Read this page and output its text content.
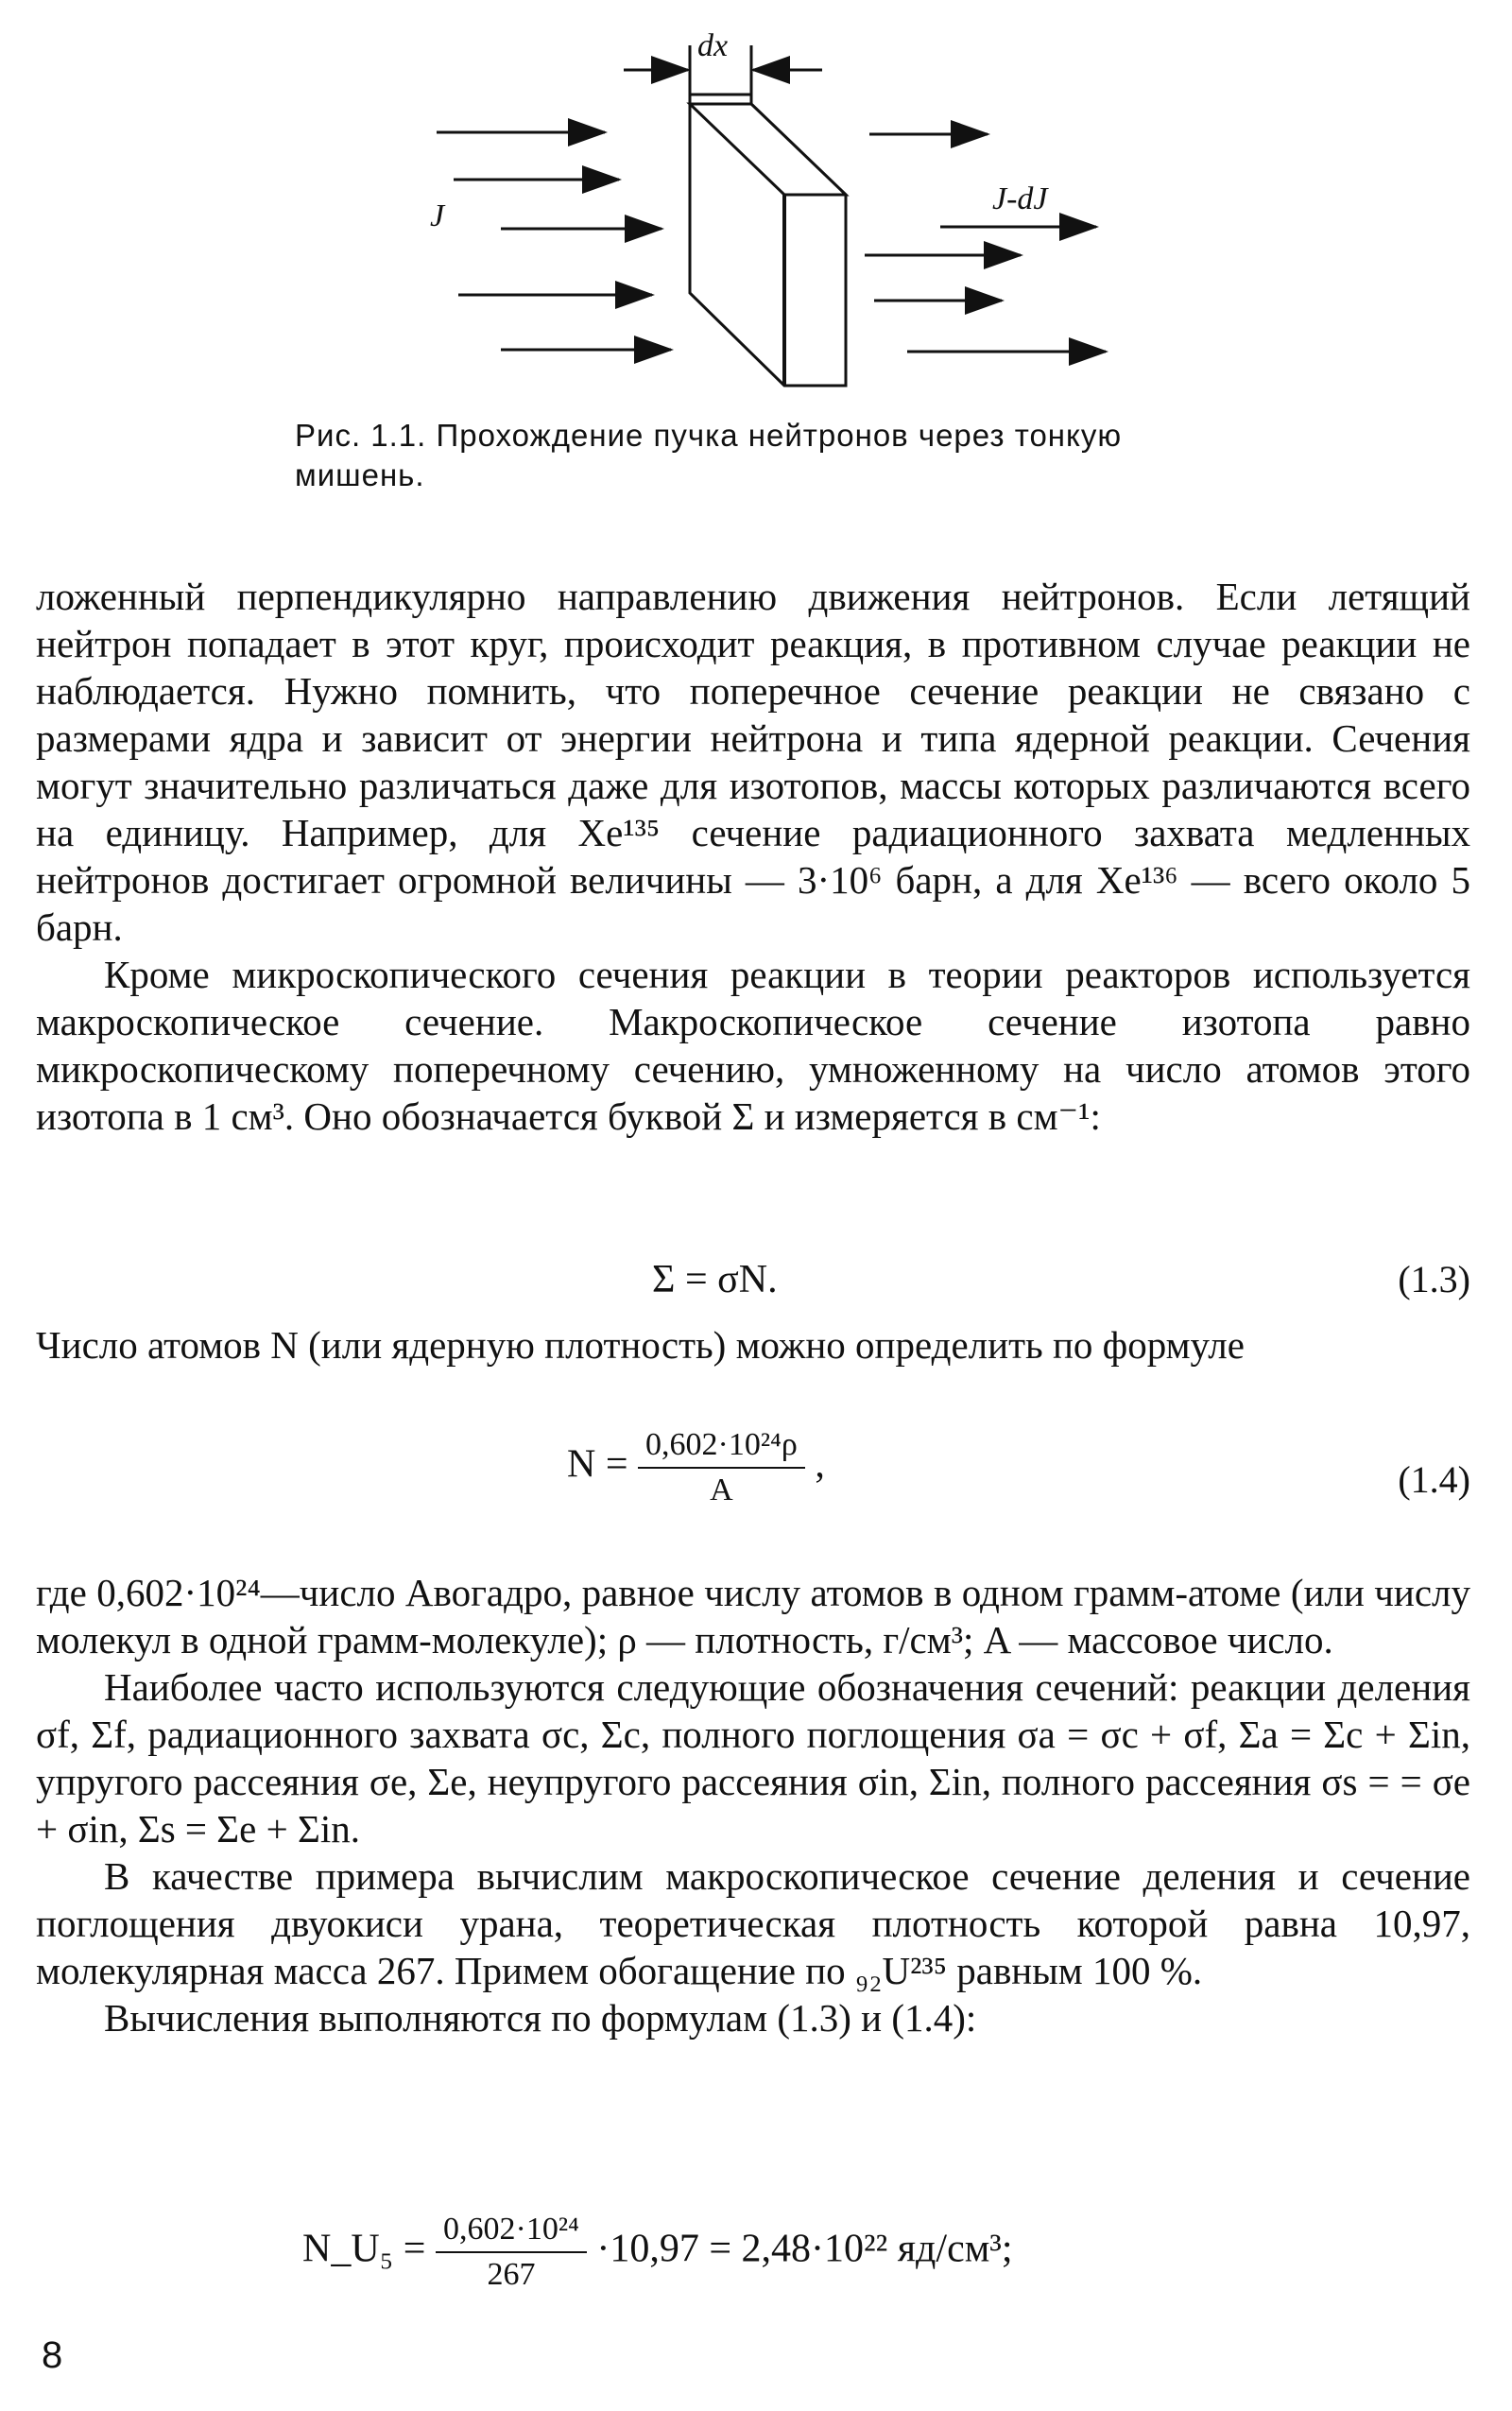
dx
J	J-dJ
Рис. 1.1. Прохождение пучка нейтронов через тонкую мишень.

ложенный перпендикулярно направлению движения нейтронов. Если летящий нейтрон попадает в этот круг, происходит реакция, в противном случае реакции не наблюдается. Нужно помнить, что поперечное сечение реакции не связано с размерами ядра и зависит от энергии нейтрона и типа ядерной реакции. Сечения могут значительно различаться даже для изотопов, массы которых различаются всего на единицу. Например, для Xe¹³⁵ сечение радиационного захвата медленных нейтронов достигает огромной величины — 3·10⁶ барн, а для Xe¹³⁶ — всего около 5 барн.

Кроме микроскопического сечения реакции в теории реакторов используется макроскопическое сечение. Макроскопическое сечение изотопа равно микроскопическому поперечному сечению, умноженному на число атомов этого изотопа в 1 см³. Оно обозначается буквой Σ и измеряется в см⁻¹:

Σ = σN.	(1.3)

Число атомов N (или ядерную плотность) можно определить по формуле

$N = \frac{\text{0,602·10²⁴ρ}}{A}$ ,	(1.4)

где 0,602·10²⁴—число Авогадро, равное числу атомов в одном грамм-атоме (или числу молекул в одной грамм-молекуле); ρ — плотность, г/см³; A — массовое число.

Наиболее часто используются следующие обозначения сечений: реакции деления σf, Σf, радиационного захвата σc, Σc, полного поглощения σa = σc + σf, Σa = Σc + Σin, упругого рассеяния σe, Σe, неупругого рассеяния σin, Σin, полного рассеяния σs = = σe + σin, Σs = Σe + Σin.

В качестве примера вычислим макроскопическое сечение деления и сечение поглощения двуокиси урана, теоретическая плотность которой равна 10,97, молекулярная масса 267. Примем обогащение по ₉₂U²³⁵ равным 100 %.

Вычисления выполняются по формулам (1.3) и (1.4):

N_U₅ = $\frac{\text{0,602·10²⁴}}{267} \cdot 10,97 = 2,48\cdot 10^{22}$ яд/см³;
8
